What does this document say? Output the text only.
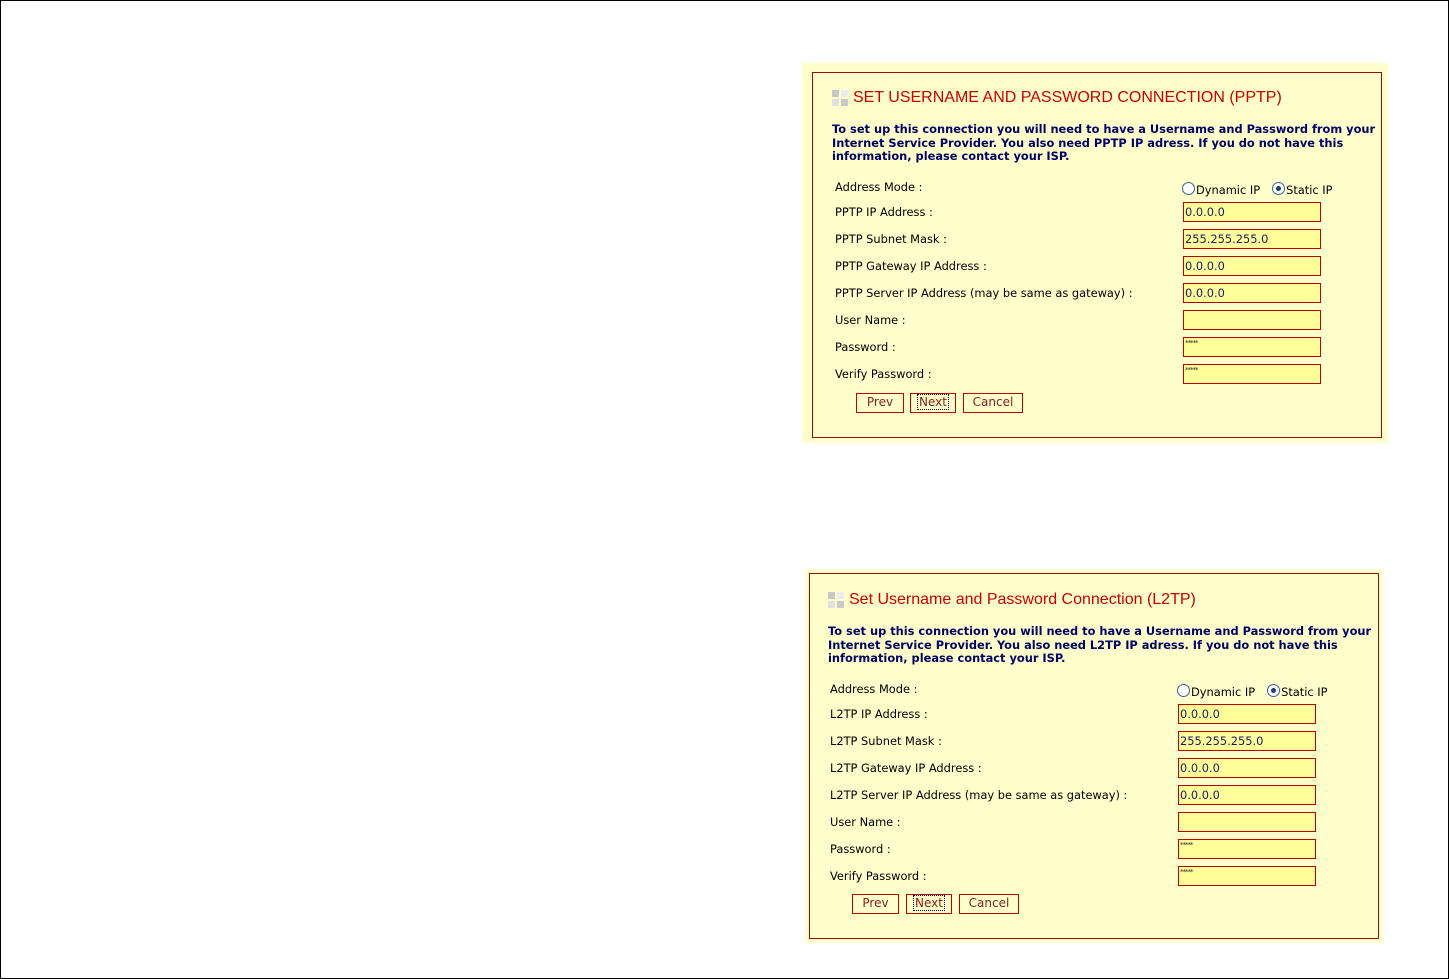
SET USERNAME AND PASSWORD CONNECTION (PPTP)
To set up this connection you will need to have a Username and Password from your
Internet Service Provider. You also need PPTP IP adress. If you do not have this
information, please contact your ISP.
Address Mode :	Dynamic IP Static IP
PPTP IP Address :	0.0.0.0
PPTP Subnet Mask :	255.255.255.0
PPTP Gateway IP Address :	0.0.0.0
PPTP Server IP Address (may be same as gateway) :	0.0.0.0
User Name :
Password :	*****
Verify Password :	*****
Prev	Next	Cancel
Set Username and Password Connection (L2TP)
To set up this connection you will need to have a Username and Password from your
Internet Service Provider. You also need L2TP IP adress. If you do not have this
information, please contact your ISP.
Address Mode :	Dynamic IP Static IP
L2TP IP Address :	0.0.0.0
L2TP Subnet Mask :	255.255.255.0
L2TP Gateway IP Address :	0.0.0.0
L2TP Server IP Address (may be same as gateway) :	0.0.0.0
User Name :
Password :	*****
Verify Password :	*****
Prev	Next	Cancel
